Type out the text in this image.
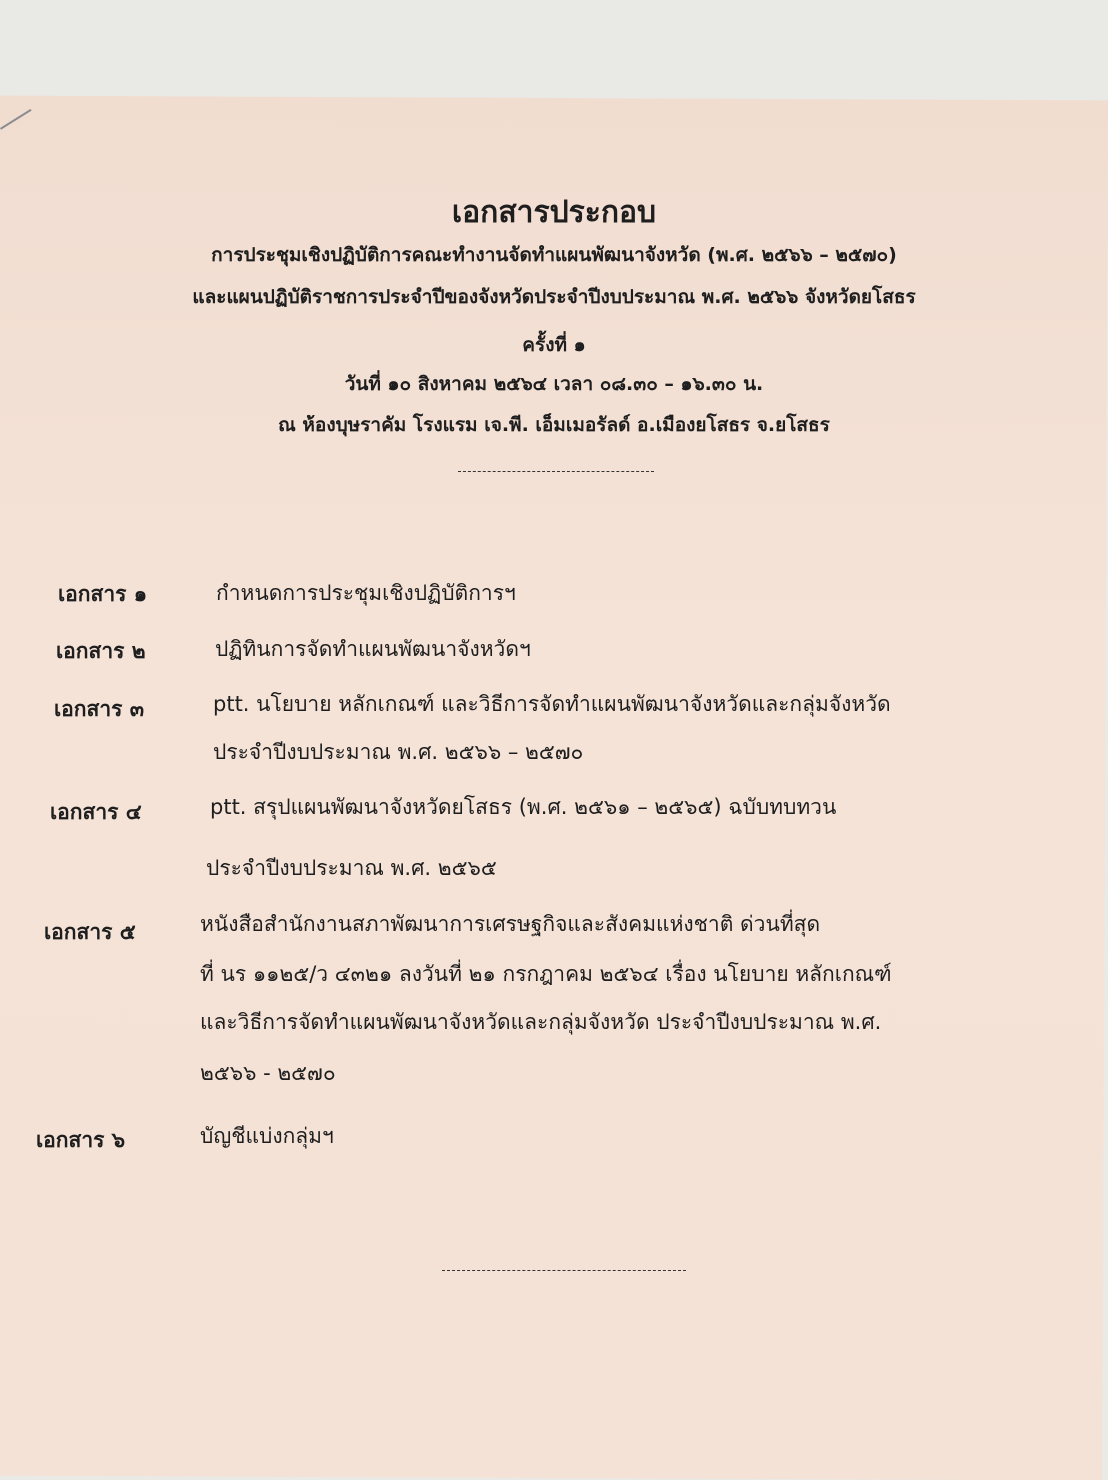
เอกสารประกอบ
การประชุมเชิงปฏิบัติการคณะทำงานจัดทำแผนพัฒนาจังหวัด (พ.ศ. ๒๕๖๖ – ๒๕๗๐)
และแผนปฏิบัติราชการประจำปีของจังหวัดประจำปีงบประมาณ พ.ศ. ๒๕๖๖ จังหวัดยโสธร
ครั้งที่ ๑
วันที่ ๑๐ สิงหาคม ๒๕๖๔ เวลา ๐๘.๓๐ – ๑๖.๓๐ น.
ณ ห้องบุษราคัม โรงแรม เจ.พี. เอ็มเมอรัลด์ อ.เมืองยโสธร จ.ยโสธร
เอกสาร ๑	กำหนดการประชุมเชิงปฏิบัติการฯ
เอกสาร ๒	ปฏิทินการจัดทำแผนพัฒนาจังหวัดฯ
เอกสาร ๓	ptt. นโยบาย หลักเกณฑ์ และวิธีการจัดทำแผนพัฒนาจังหวัดและกลุ่มจังหวัด
ประจำปีงบประมาณ พ.ศ. ๒๕๖๖ – ๒๕๗๐
เอกสาร ๔	ptt. สรุปแผนพัฒนาจังหวัดยโสธร (พ.ศ. ๒๕๖๑ – ๒๕๖๕) ฉบับทบทวน
ประจำปีงบประมาณ พ.ศ. ๒๕๖๕
เอกสาร ๕	หนังสือสำนักงานสภาพัฒนาการเศรษฐกิจและสังคมแห่งชาติ ด่วนที่สุด
ที่ นร ๑๑๒๕/ว ๔๓๒๑ ลงวันที่ ๒๑ กรกฎาคม ๒๕๖๔ เรื่อง นโยบาย หลักเกณฑ์
และวิธีการจัดทำแผนพัฒนาจังหวัดและกลุ่มจังหวัด ประจำปีงบประมาณ พ.ศ.
๒๕๖๖ - ๒๕๗๐
เอกสาร ๖	บัญชีแบ่งกลุ่มฯ
